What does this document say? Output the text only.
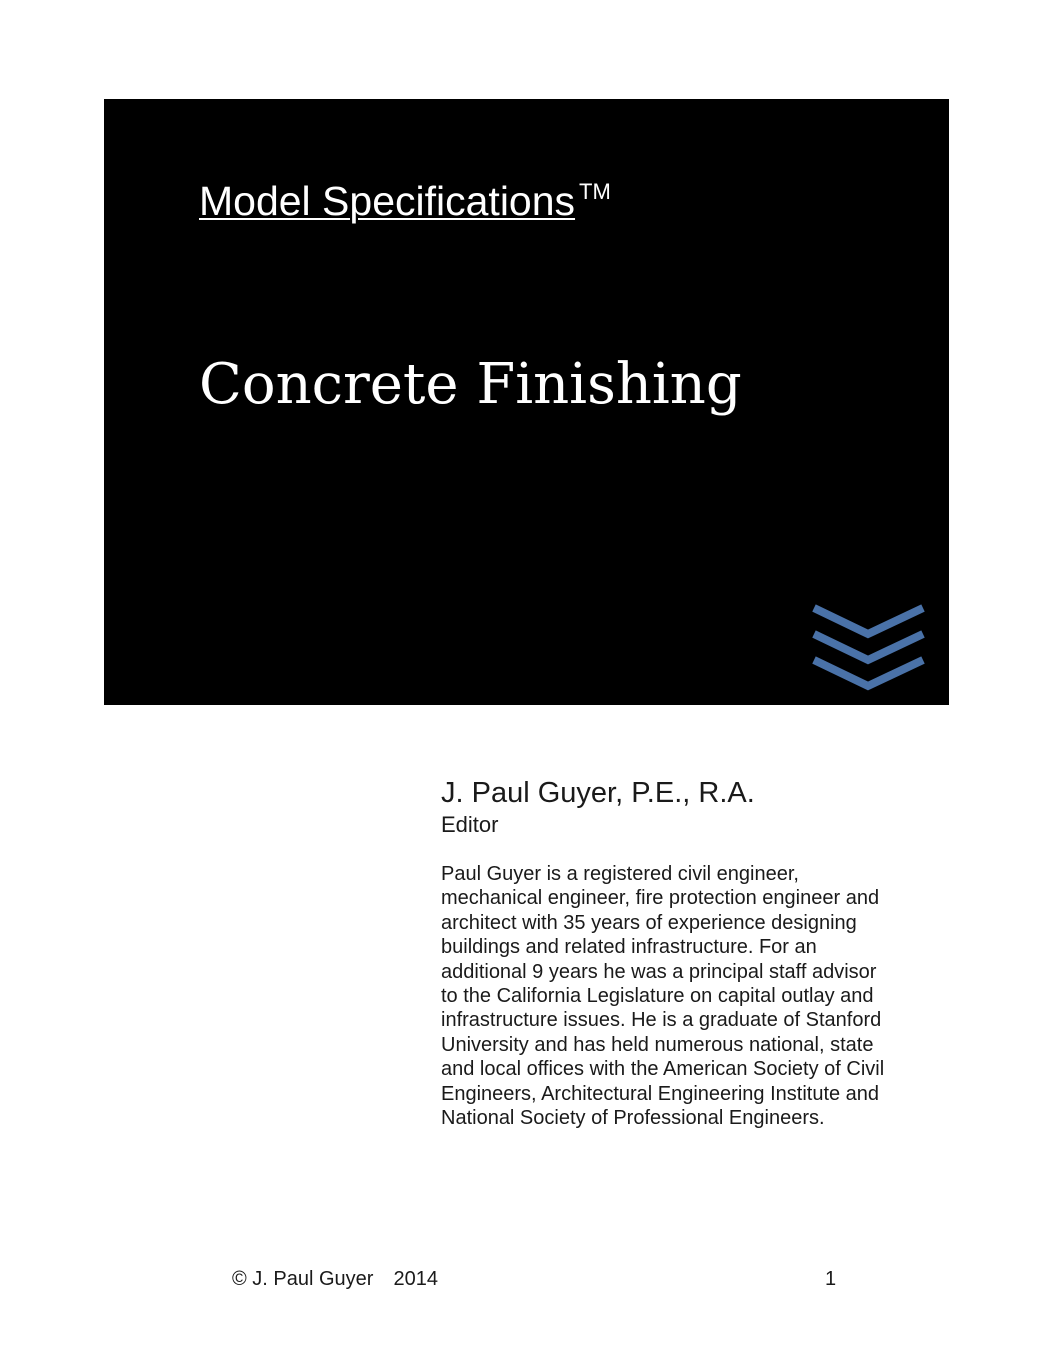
Model Specifications ™
Concrete Finishing
J. Paul Guyer, P.E., R.A.
Editor
Paul Guyer is a registered civil engineer,
mechanical engineer, fire protection engineer and
architect with 35 years of experience designing
buildings and related infrastructure. For an
additional 9 years he was a principal staff advisor
to the California Legislature on capital outlay and
infrastructure issues. He is a graduate of Stanford
University and has held numerous national, state
and local offices with the American Society of Civil
Engineers, Architectural Engineering Institute and
National Society of Professional Engineers.
© J. Paul Guyer 2014	1
